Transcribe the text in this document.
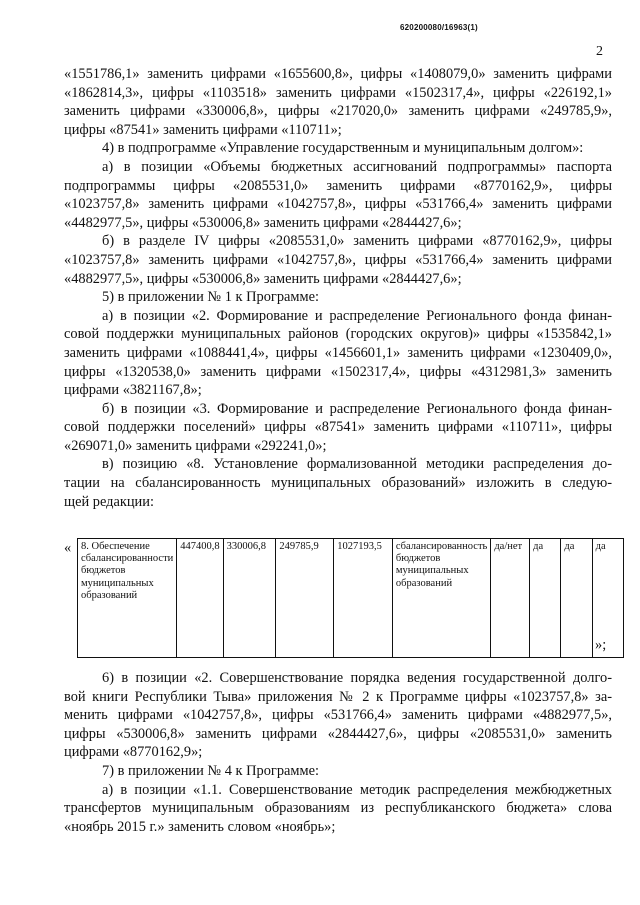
620200080/16963(1)
2

«1551786,1» заменить цифрами «1655600,8», цифры «1408079,0» заменить цифрами

«1862814,3», цифры «1103518» заменить цифрами «1502317,4», цифры «226192,1»

заменить цифрами «330006,8», цифры «217020,0» заменить цифрами «249785,9»,

цифры «87541» заменить цифрами «110711»;

4) в подпрограмме «Управление государственным и муниципальным долгом»:

а) в позиции «Объемы бюджетных ассигнований подпрограммы» паспорта

подпрограммы цифры «2085531,0» заменить цифрами «8770162,9», цифры

«1023757,8» заменить цифрами «1042757,8», цифры «531766,4» заменить цифрами

«4482977,5», цифры «530006,8» заменить цифрами «2844427,6»;

б) в разделе IV цифры «2085531,0» заменить цифрами «8770162,9», цифры

«1023757,8» заменить цифрами «1042757,8», цифры «531766,4» заменить цифрами

«4882977,5», цифры «530006,8» заменить цифрами «2844427,6»;

5) в приложении № 1 к Программе:

а) в позиции «2. Формирование и распределение Регионального фонда финан-

совой поддержки муниципальных районов (городских округов)» цифры «1535842,1»

заменить цифрами «1088441,4», цифры «1456601,1» заменить цифрами «1230409,0»,

цифры «1320538,0» заменить цифрами «1502317,4», цифры «4312981,3» заменить

цифрами «3821167,8»;

б) в позиции «3. Формирование и распределение Регионального фонда финан-

совой поддержки поселений» цифры «87541» заменить цифрами «110711», цифры

«269071,0» заменить цифрами «292241,0»;

в) позицию «8. Установление формализованной методики распределения до-

тации на сбалансированность муниципальных образований» изложить в следую-

щей редакции:

« 8. Обеспечение сбалансированности бюджетов муниципальных образований	447400,8	330006,8	249785,9	1027193,5	сбалансированность бюджетов муниципальных образований	да/нет	да	да	да
»;

6) в позиции «2. Совершенствование порядка ведения государственной долго-

вой книги Республики Тыва» приложения № 2 к Программе цифры «1023757,8» за-

менить цифрами «1042757,8», цифры «531766,4» заменить цифрами «4882977,5»,

цифры «530006,8» заменить цифрами «2844427,6», цифры «2085531,0» заменить

цифрами «8770162,9»;

7) в приложении № 4 к Программе:

а) в позиции «1.1. Совершенствование методик распределения межбюджетных

трансфертов муниципальным образованиям из республиканского бюджета» слова

«ноябрь 2015 г.» заменить словом «ноябрь»;
